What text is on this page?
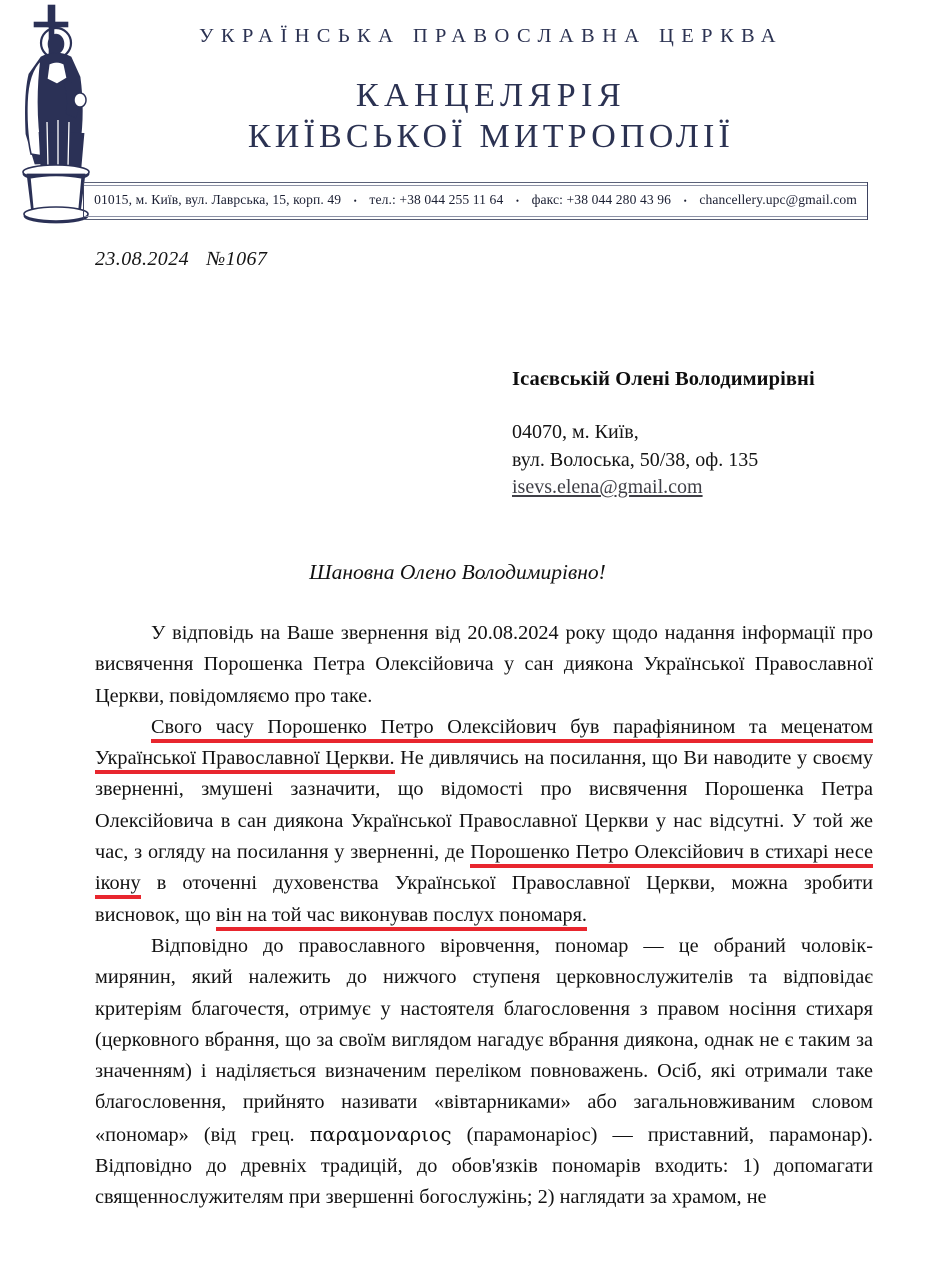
УКРАЇНСЬКА ПРАВОСЛАВНА ЦЕРКВА
КАНЦЕЛЯРІЯ
КИЇВСЬКОЇ МИТРОПОЛІЇ
01015, м. Київ, вул. Лаврська, 15, корп. 49 • тел.: +38 044 255 11 64 • факс: +38 044 280 43 96 • chancellery.upc@gmail.com
23.08.2024 №1067
Ісаєвській Олені Володимирівні
04070, м. Київ,
вул. Волоська, 50/38, оф. 135
isevs.elena@gmail.com
Шановна Олено Володимирівно!

У відповідь на Ваше звернення від 20.08.2024 року щодо надання інформації про висвячення Порошенка Петра Олексійовича у сан диякона Української Православної Церкви, повідомляємо про таке.

Свого часу Порошенко Петро Олексійович був парафіянином та меценатом Української Православної Церкви. Не дивлячись на посилання, що Ви наводите у своєму зверненні, змушені зазначити, що відомості про висвячення Порошенка Петра Олексійовича в сан диякона Української Православної Церкви у нас відсутні. У той же час, з огляду на посилання у зверненні, де Порошенко Петро Олексійович в стихарі несе ікону в оточенні духовенства Української Православної Церкви, можна зробити висновок, що він на той час виконував послух пономаря.

Відповідно до православного віровчення, пономар — це обраний чоловік-мирянин, який належить до нижчого ступеня церковнослужителів та відповідає критеріям благочестя, отримує у настоятеля благословення з правом носіння стихаря (церковного вбрання, що за своїм виглядом нагадує вбрання диякона, однак не є таким за значенням) і наділяється визначеним переліком повноважень. Осіб, які отримали таке благословення, прийнято називати «вівтарниками» або загальновживаним словом «пономар» (від грец. παραμοναριος (парамонаріос) — приставний, парамонар). Відповідно до древніх традицій, до обов'язків пономарів входить: 1) допомагати священнослужителям при звершенні богослужінь; 2) наглядати за храмом, не
